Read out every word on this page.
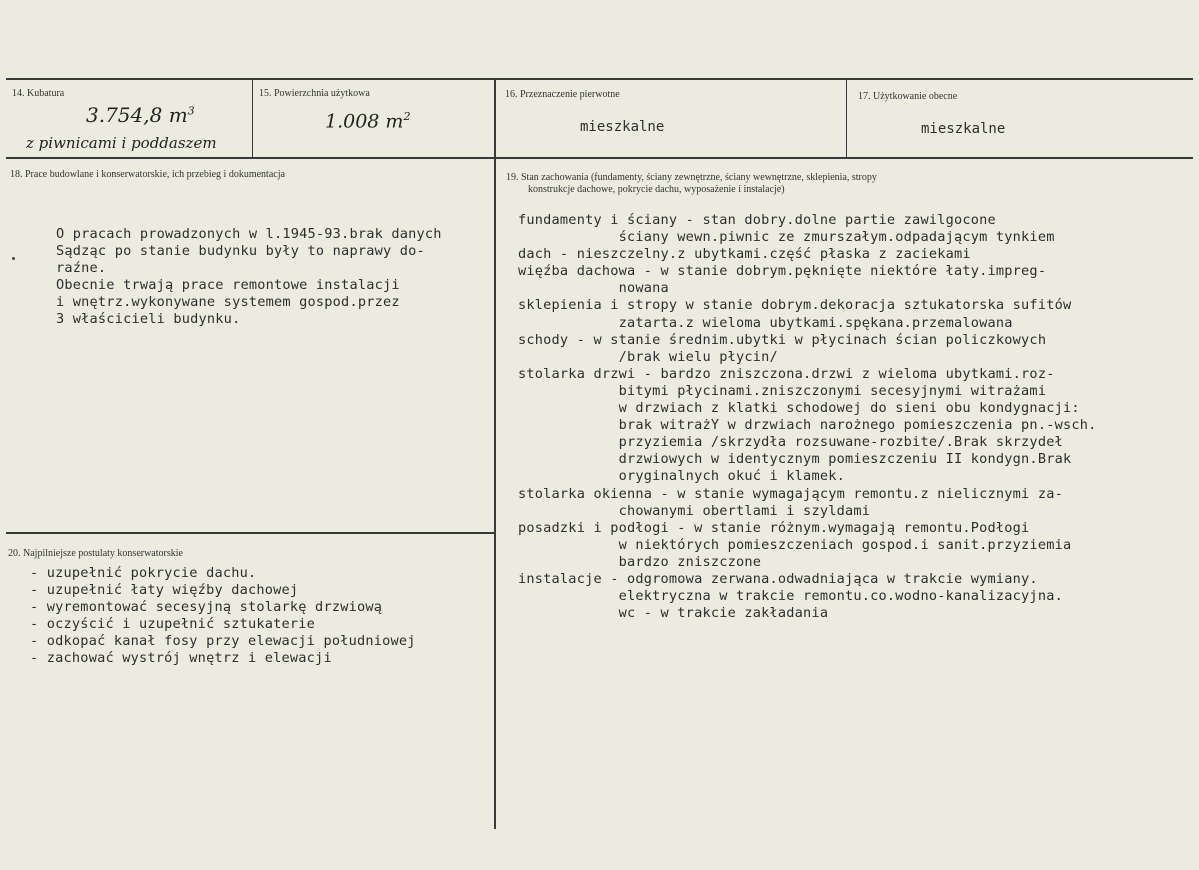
14. Kubatura
3.754,8 $m^3$
z piwnicami i poddaszem
15. Powierzchnia użytkowa
1.008 $m^2$
16. Przeznaczenie pierwotne
mieszkalne
17. Użytkowanie obecne
mieszkalne
18. Prace budowlane i konserwatorskie, ich przebieg i dokumentacja
O pracach prowadzonych w l.1945-93.brak danych
Sądząc po stanie budynku były to naprawy do-
raźne.
Obecnie trwają prace remontowe instalacji
i wnętrz.wykonywane systemem gospod.przez
3 właścicieli budynku.
20. Najpilniejsze postulaty konserwatorskie
- uzupełnić pokrycie dachu.
- uzupełnić łaty więźby dachowej
- wyremontować secesyjną stolarkę drzwiową
- oczyścić i uzupełnić sztukaterie
- odkopać kanał fosy przy elewacji południowej
- zachować wystrój wnętrz i elewacji
19. Stan zachowania (fundamenty, ściany zewnętrzne, ściany wewnętrzne, sklepienia, stropy
konstrukcje dachowe, pokrycie dachu, wyposażenie i instalacje)
fundamenty i ściany - stan dobry.dolne partie zawilgocone
ściany wewn.piwnic ze zmurszałym.odpadającym tynkiem
dach - nieszczelny.z ubytkami.część płaska z zaciekami
więźba dachowa - w stanie dobrym.pęknięte niektóre łaty.impreg-
nowana
sklepienia i stropy w stanie dobrym.dekoracja sztukatorska sufitów
zatarta.z wieloma ubytkami.spękana.przemalowana
schody - w stanie średnim.ubytki w płycinach ścian policzkowych
/brak wielu płycin/
stolarka drzwi - bardzo zniszczona.drzwi z wieloma ubytkami.roz-
bitymi płycinami.zniszczonymi secesyjnymi witrażami
w drzwiach z klatki schodowej do sieni obu kondygnacji:
brak witrażY w drzwiach narożnego pomieszczenia pn.-wsch.
przyziemia /skrzydła rozsuwane-rozbite/.Brak skrzydeł
drzwiowych w identycznym pomieszczeniu II kondygn.Brak
oryginalnych okuć i klamek.
stolarka okienna - w stanie wymagającym remontu.z nielicznymi za-
chowanymi obertlami i szyldami
posadzki i podłogi - w stanie różnym.wymagają remontu.Podłogi
w niektórych pomieszczeniach gospod.i sanit.przyziemia
bardzo zniszczone
instalacje - odgromowa zerwana.odwadniająca w trakcie wymiany.
elektryczna w trakcie remontu.co.wodno-kanalizacyjna.
wc - w trakcie zakładania
